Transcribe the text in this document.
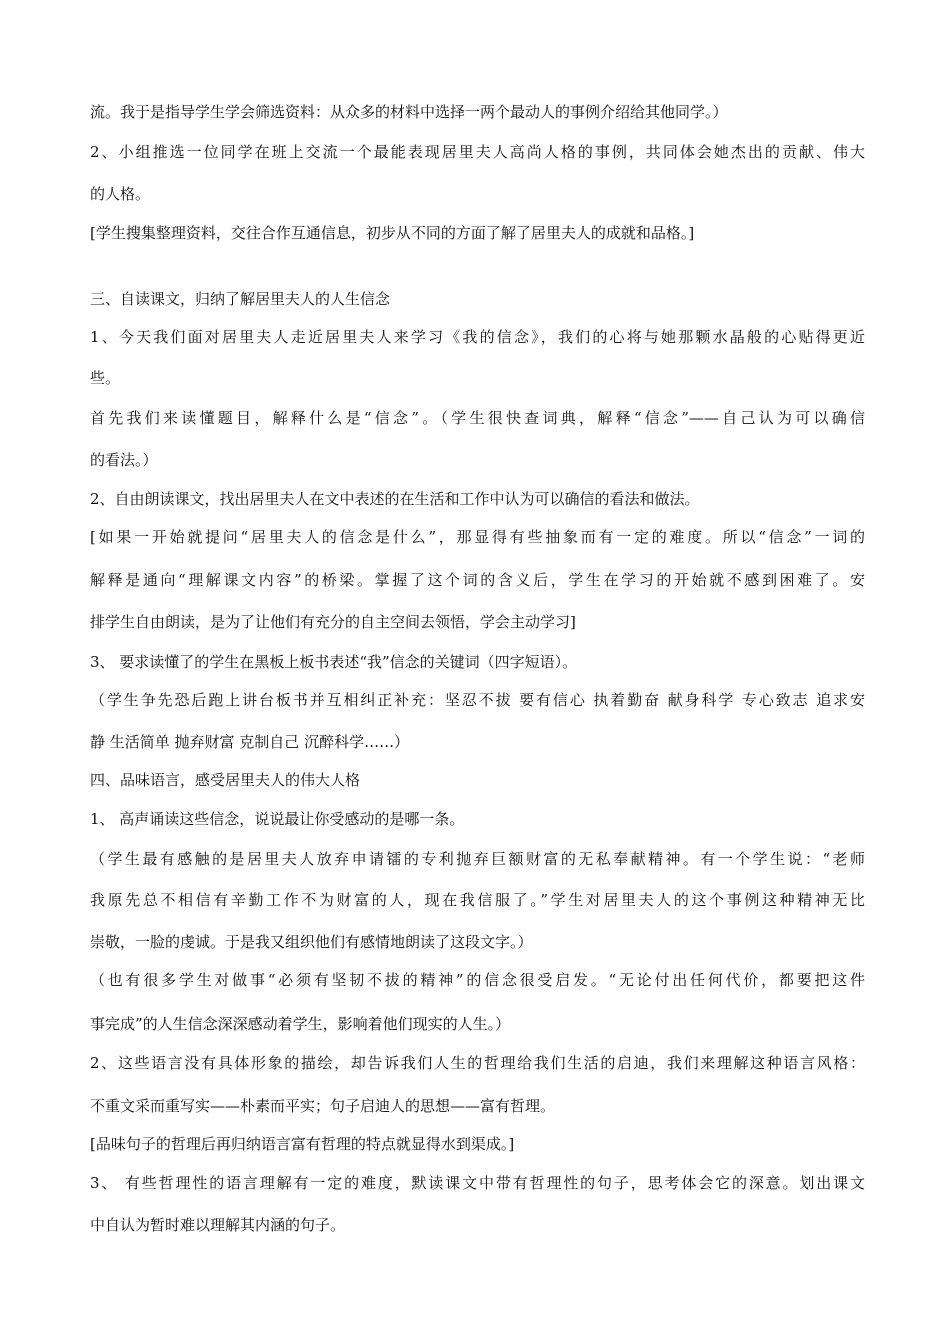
流。我于是指导学生学会筛选资料：从众多的材料中选择一两个最动人的事例介绍给其他同学。）
2、小组推选一位同学在班上交流一个最能表现居里夫人高尚人格的事例，共同体会她杰出的贡献、伟大
的人格。
[学生搜集整理资料，交往合作互通信息，初步从不同的方面了解了居里夫人的成就和品格。]
三、自读课文，归纳了解居里夫人的人生信念
1、今天我们面对居里夫人走近居里夫人来学习《我的信念》，我们的心将与她那颗水晶般的心贴得更近
些。
首先我们来读懂题目，解释什么是“信念”。（学生很快查词典，解释“信念”——自己认为可以确信
的看法。）
2、自由朗读课文，找出居里夫人在文中表述的在生活和工作中认为可以确信的看法和做法。
[如果一开始就提问“居里夫人的信念是什么”，那显得有些抽象而有一定的难度。所以“信念”一词的
解释是通向“理解课文内容”的桥梁。掌握了这个词的含义后，学生在学习的开始就不感到困难了。安
排学生自由朗读，是为了让他们有充分的自主空间去领悟，学会主动学习]
3、 要求读懂了的学生在黑板上板书表述“我”信念的关键词（四字短语）。
（学生争先恐后跑上讲台板书并互相纠正补充：坚忍不拔 要有信心 执着勤奋 献身科学 专心致志 追求安
静 生活简单 抛弃财富 克制自己 沉醉科学……）
四、品味语言，感受居里夫人的伟大人格
1、 高声诵读这些信念，说说最让你受感动的是哪一条。
（学生最有感触的是居里夫人放弃申请镭的专利抛弃巨额财富的无私奉献精神。有一个学生说：“老师
我原先总不相信有辛勤工作不为财富的人，现在我信服了。”学生对居里夫人的这个事例这种精神无比
崇敬，一脸的虔诚。于是我又组织他们有感情地朗读了这段文字。）
（也有很多学生对做事“必须有坚韧不拔的精神”的信念很受启发。“无论付出任何代价，都要把这件
事完成”的人生信念深深感动着学生，影响着他们现实的人生。）
2、这些语言没有具体形象的描绘，却告诉我们人生的哲理给我们生活的启迪，我们来理解这种语言风格：
不重文采而重写实——朴素而平实；句子启迪人的思想——富有哲理。
[品味句子的哲理后再归纳语言富有哲理的特点就显得水到渠成。]
3、 有些哲理性的语言理解有一定的难度，默读课文中带有哲理性的句子，思考体会它的深意。划出课文
中自认为暂时难以理解其内涵的句子。
